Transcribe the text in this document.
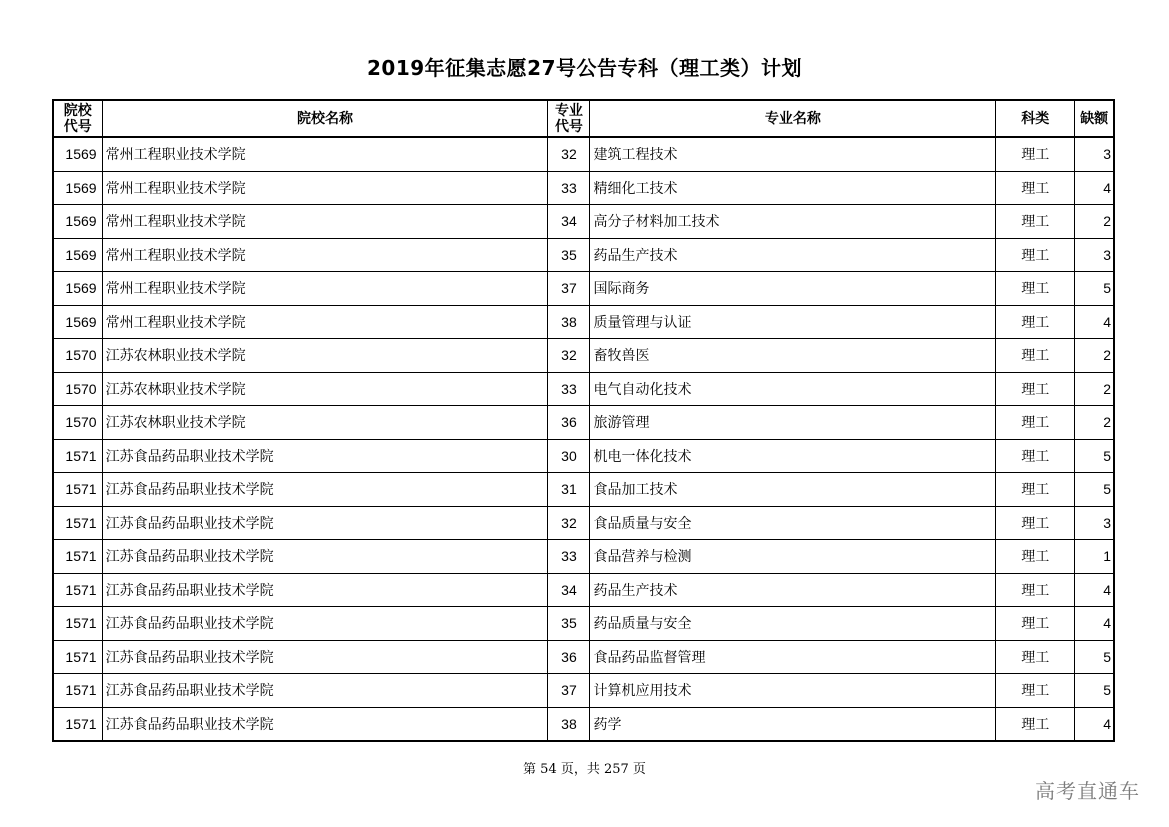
2019年征集志愿27号公告专科（理工类）计划
院校代号	院校名称	专业代号	专业名称	科类	缺额
1569	常州工程职业技术学院	32	建筑工程技术	理工	3
1569	常州工程职业技术学院	33	精细化工技术	理工	4
1569	常州工程职业技术学院	34	高分子材料加工技术	理工	2
1569	常州工程职业技术学院	35	药品生产技术	理工	3
1569	常州工程职业技术学院	37	国际商务	理工	5
1569	常州工程职业技术学院	38	质量管理与认证	理工	4
1570	江苏农林职业技术学院	32	畜牧兽医	理工	2
1570	江苏农林职业技术学院	33	电气自动化技术	理工	2
1570	江苏农林职业技术学院	36	旅游管理	理工	2
1571	江苏食品药品职业技术学院	30	机电一体化技术	理工	5
1571	江苏食品药品职业技术学院	31	食品加工技术	理工	5
1571	江苏食品药品职业技术学院	32	食品质量与安全	理工	3
1571	江苏食品药品职业技术学院	33	食品营养与检测	理工	1
1571	江苏食品药品职业技术学院	34	药品生产技术	理工	4
1571	江苏食品药品职业技术学院	35	药品质量与安全	理工	4
1571	江苏食品药品职业技术学院	36	食品药品监督管理	理工	5
1571	江苏食品药品职业技术学院	37	计算机应用技术	理工	5
1571	江苏食品药品职业技术学院	38	药学	理工	4
第 54 页，共 257 页
高考直通车
